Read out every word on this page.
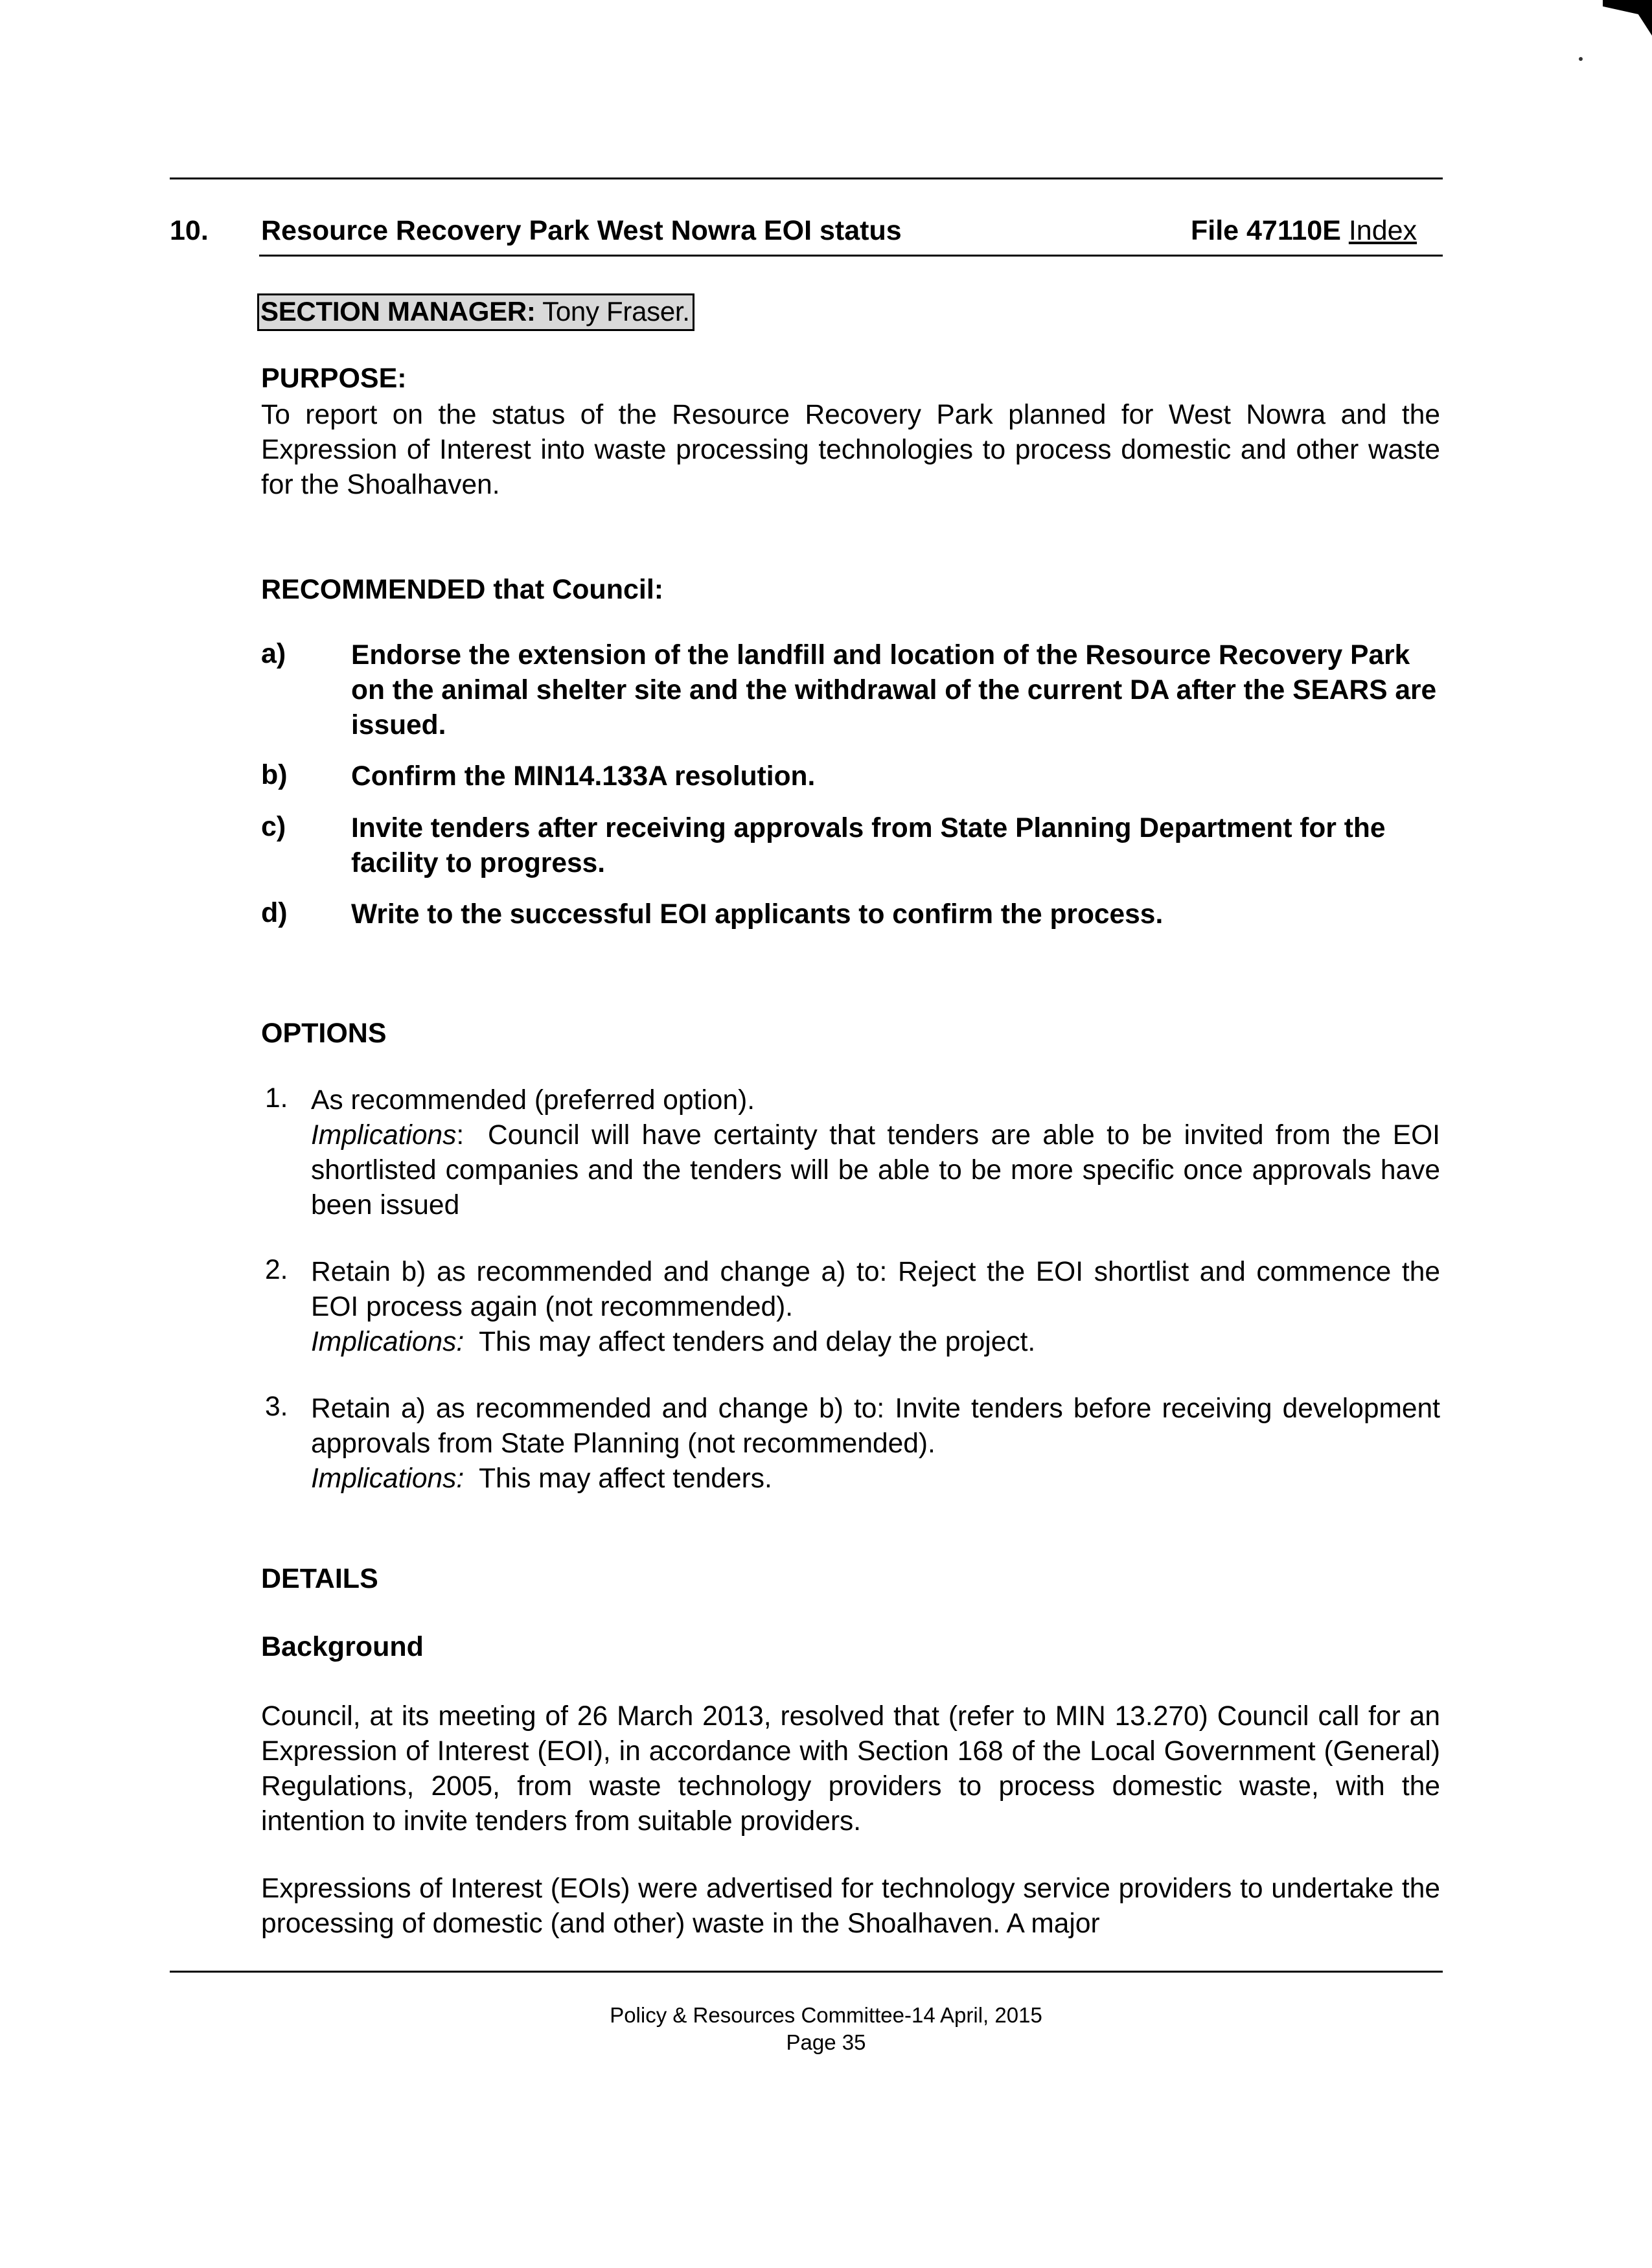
10. Resource Recovery Park West Nowra EOI status	File 47110E Index
SECTION MANAGER: Tony Fraser.
PURPOSE:
To report on the status of the Resource Recovery Park planned for West Nowra and the Expression of Interest into waste processing technologies to process domestic and other waste for the Shoalhaven.
RECOMMENDED that Council:
a) Endorse the extension of the landfill and location of the Resource Recovery Park on the animal shelter site and the withdrawal of the current DA after the SEARS are issued.
b) Confirm the MIN14.133A resolution.
c) Invite tenders after receiving approvals from State Planning Department for the facility to progress.
d) Write to the successful EOI applicants to confirm the process.
OPTIONS
1. As recommended (preferred option).
Implications: Council will have certainty that tenders are able to be invited from the EOI shortlisted companies and the tenders will be able to be more specific once approvals have been issued
2. Retain b) as recommended and change a) to: Reject the EOI shortlist and commence the EOI process again (not recommended).
Implications: This may affect tenders and delay the project.
3. Retain a) as recommended and change b) to: Invite tenders before receiving development approvals from State Planning (not recommended).
Implications: This may affect tenders.
DETAILS
Background
Council, at its meeting of 26 March 2013, resolved that (refer to MIN 13.270) Council call for an Expression of Interest (EOI), in accordance with Section 168 of the Local Government (General) Regulations, 2005, from waste technology providers to process domestic waste, with the intention to invite tenders from suitable providers.
Expressions of Interest (EOIs) were advertised for technology service providers to undertake the processing of domestic (and other) waste in the Shoalhaven. A major
Policy & Resources Committee-14 April, 2015
Page 35
